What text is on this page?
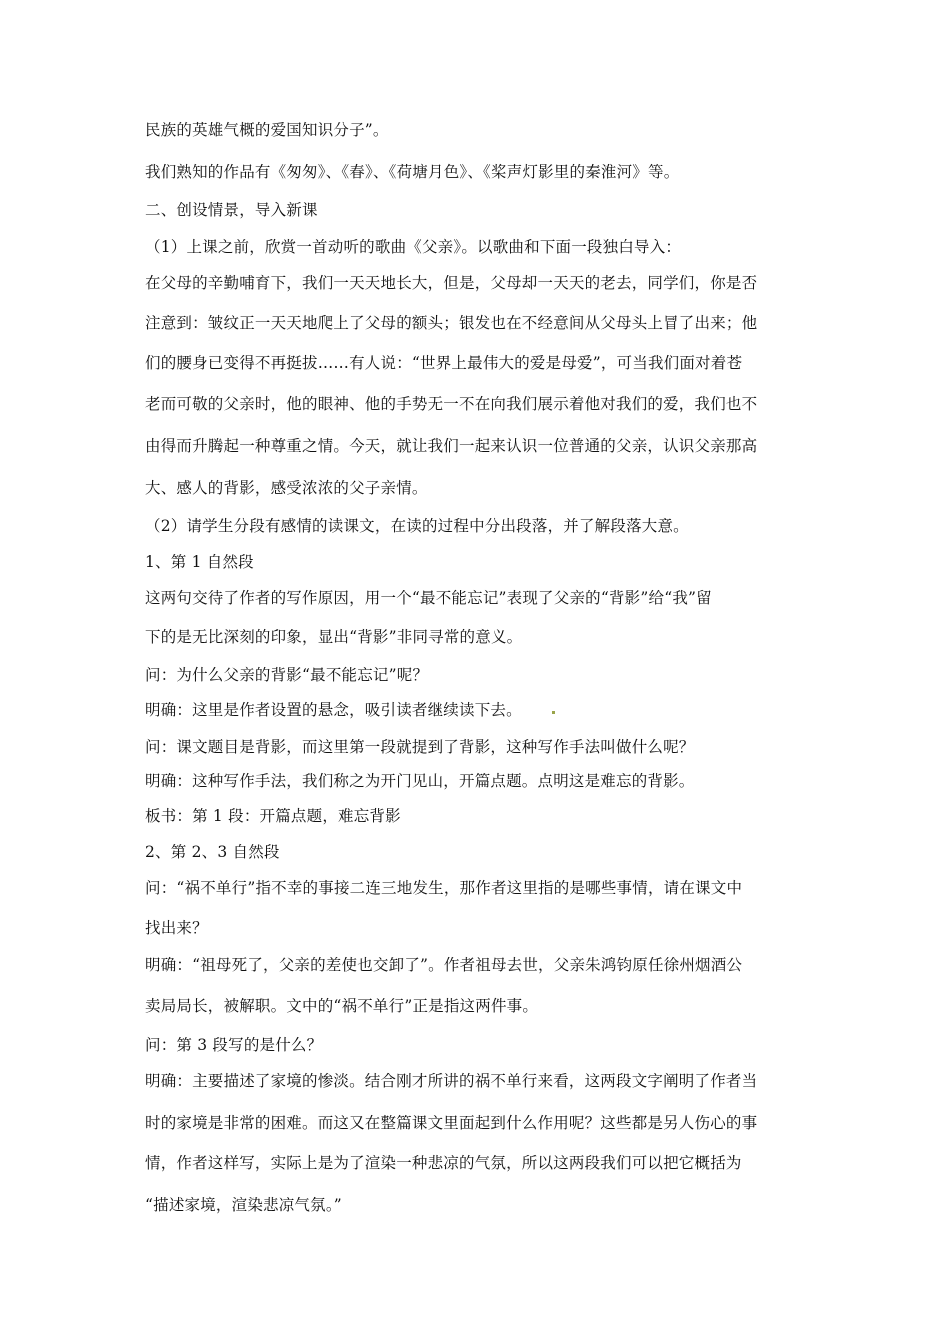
民族的英雄气概的爱国知识分子”。
我们熟知的作品有《匆匆》、《春》、《荷塘月色》、《桨声灯影里的秦淮河》等。
二、创设情景，导入新课
（1）上课之前，欣赏一首动听的歌曲《父亲》。以歌曲和下面一段独白导入：
在父母的辛勤哺育下，我们一天天地长大，但是，父母却一天天的老去，同学们，你是否
注意到：皱纹正一天天地爬上了父母的额头；银发也在不经意间从父母头上冒了出来；他
们的腰身已变得不再挺拔……有人说：“世界上最伟大的爱是母爱”，可当我们面对着苍
老而可敬的父亲时，他的眼神、他的手势无一不在向我们展示着他对我们的爱，我们也不
由得而升腾起一种尊重之情。今天，就让我们一起来认识一位普通的父亲，认识父亲那高
大、感人的背影，感受浓浓的父子亲情。
（2）请学生分段有感情的读课文，在读的过程中分出段落，并了解段落大意。
1、第 1 自然段
这两句交待了作者的写作原因，用一个“最不能忘记”表现了父亲的“背影”给“我”留
下的是无比深刻的印象，显出“背影”非同寻常的意义。
问：为什么父亲的背影“最不能忘记”呢？
明确：这里是作者设置的悬念，吸引读者继续读下去。
问：课文题目是背影，而这里第一段就提到了背影，这种写作手法叫做什么呢？
明确：这种写作手法，我们称之为开门见山，开篇点题。点明这是难忘的背影。
板书：第 1 段：开篇点题，难忘背影
2、第 2、3 自然段
问：“祸不单行”指不幸的事接二连三地发生，那作者这里指的是哪些事情，请在课文中
找出来？
明确：“祖母死了，父亲的差使也交卸了”。作者祖母去世，父亲朱鸿钧原任徐州烟酒公
卖局局长，被解职。文中的“祸不单行”正是指这两件事。
问：第 3 段写的是什么？
明确：主要描述了家境的惨淡。结合刚才所讲的祸不单行来看，这两段文字阐明了作者当
时的家境是非常的困难。而这又在整篇课文里面起到什么作用呢？这些都是另人伤心的事
情，作者这样写，实际上是为了渲染一种悲凉的气氛，所以这两段我们可以把它概括为
“描述家境，渲染悲凉气氛。”
